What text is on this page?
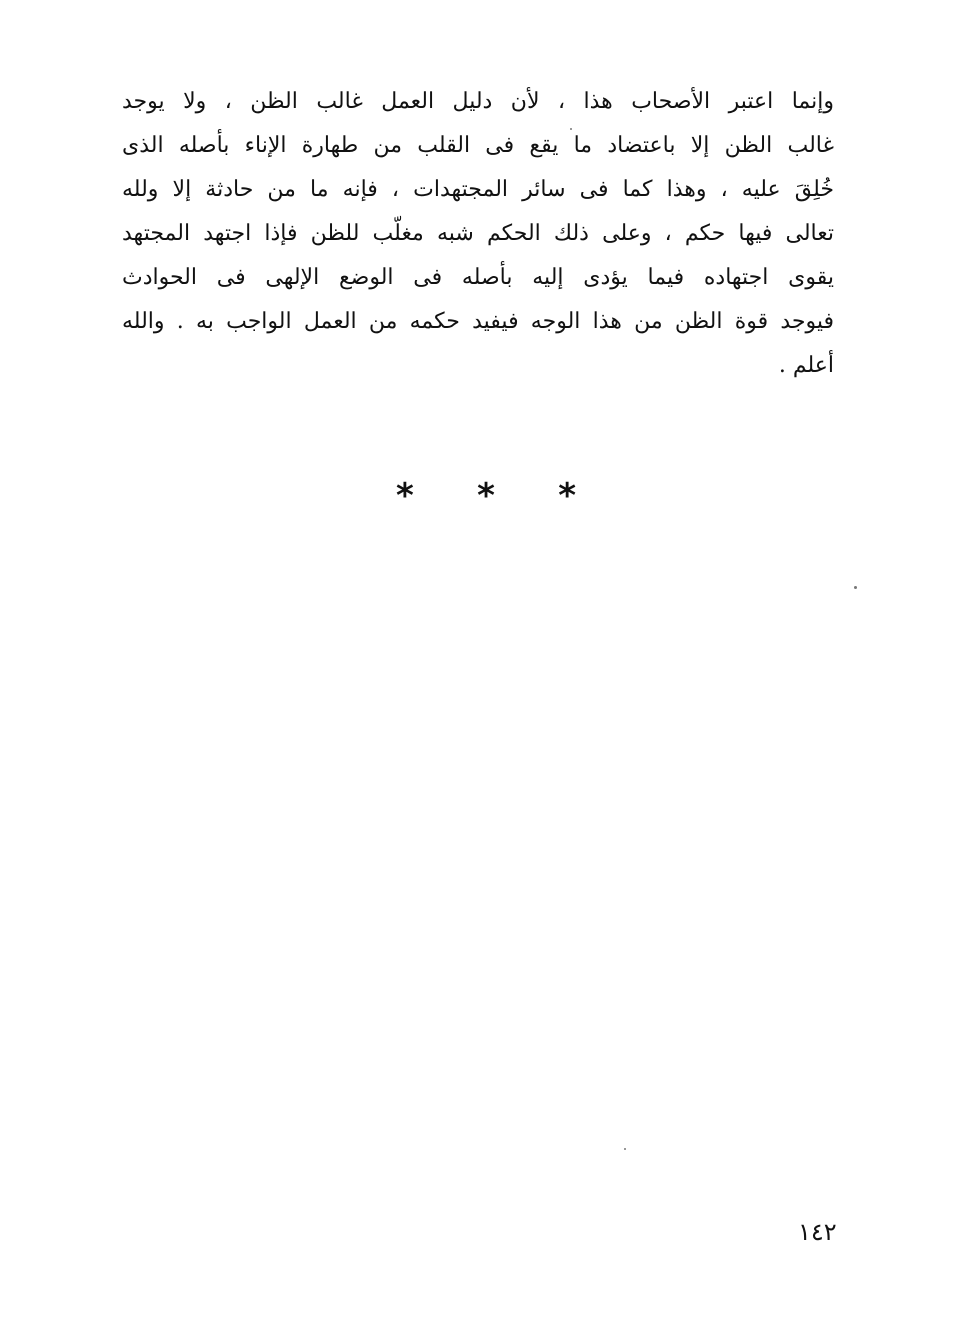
وإنما اعتبر الأصحاب هذا ، لأن دليل العمل غالب الظن ، ولا يوجد
غالب الظن إلا باعتضاد ما يقع فى القلب من طهارة الإناء بأصله الذى
خُلِقَ عليه ، وهذا كما فى سائر المجتهدات ، فإنه ما من حادثة إلا ولله
تعالى فيها حكم ، وعلى ذلك الحكم شبه مغلّب للظن فإذا اجتهد المجتهد
يقوى اجتهاده فيما يؤدى إليه بأصله فى الوضع الإلهى فى الحوادث
فيوجد قوة الظن من هذا الوجه فيفيد حكمه من العمل الواجب به . والله
أعلم .
* * *
١٤٢
